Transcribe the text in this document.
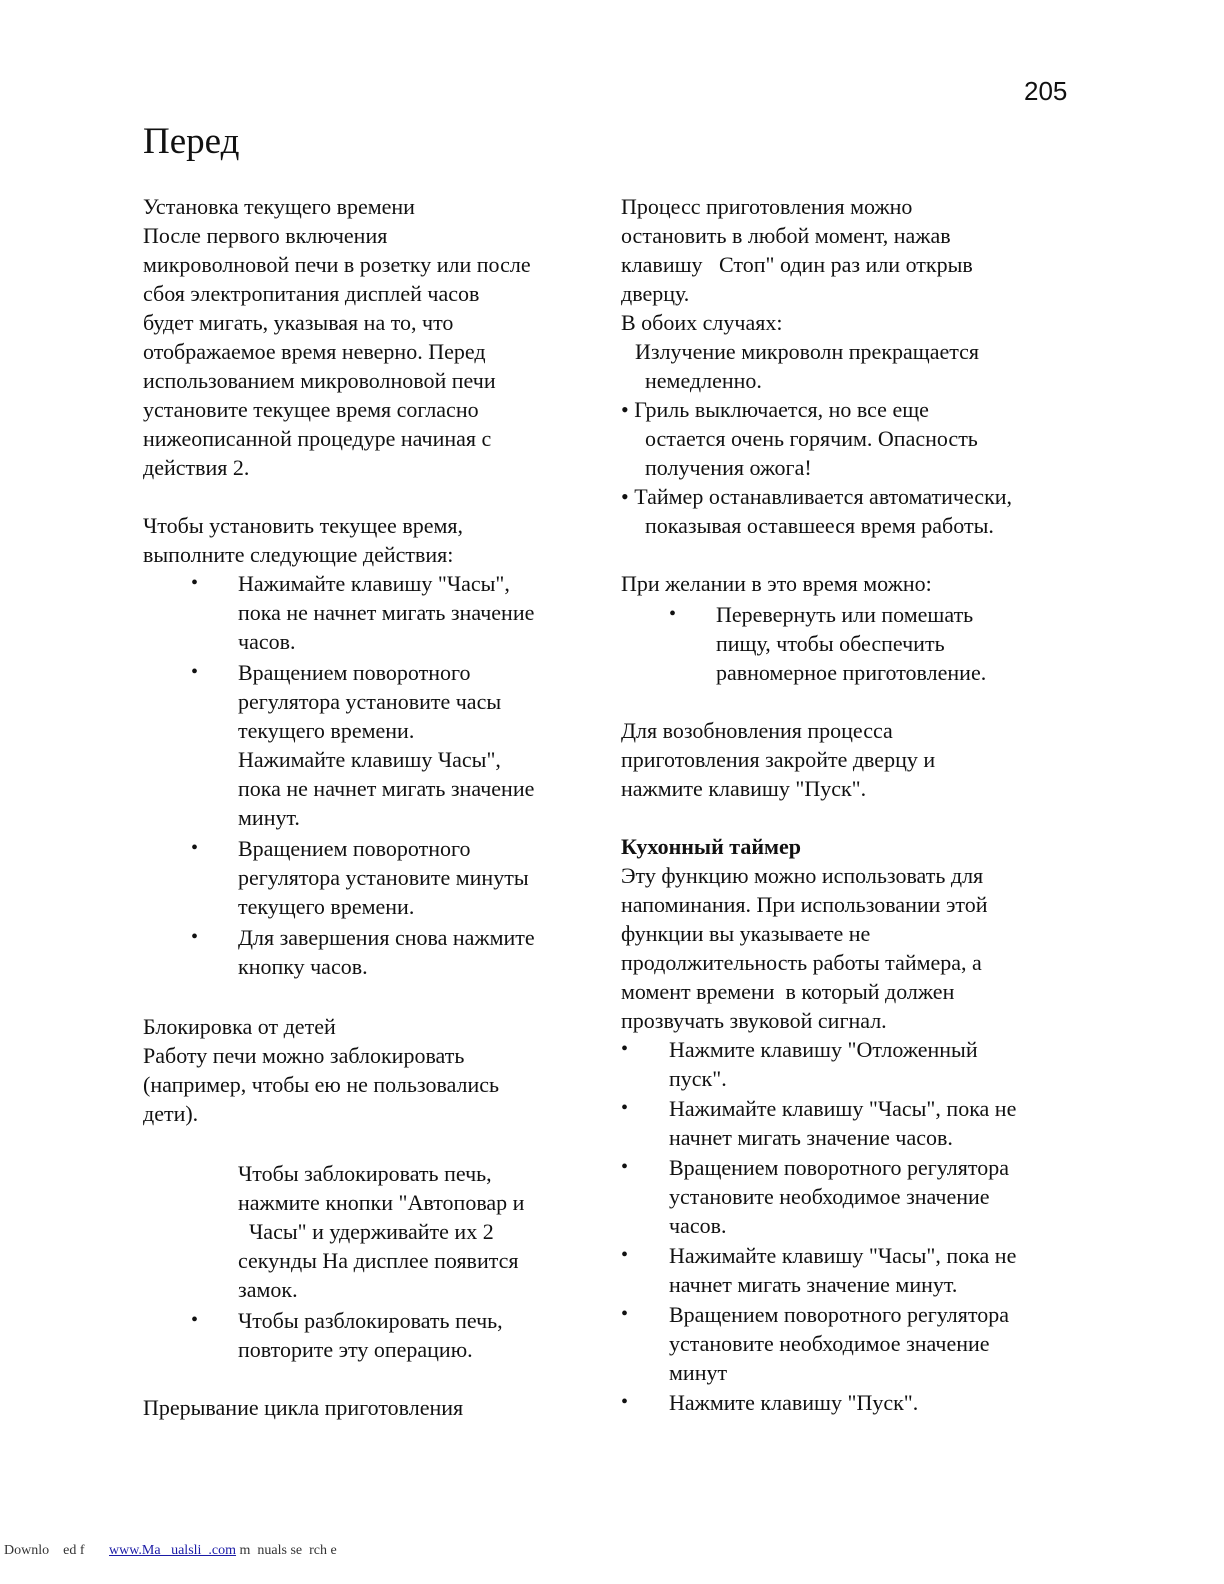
205
Перед
Установка текущего времени
После первого включения
микроволновой печи в розетку или после
сбоя электропитания дисплей часов
будет мигать, указывая на то, что
отображаемое время неверно. Перед
использованием микроволновой печи
установите текущее время согласно
нижеописанной процедуре начиная с
действия 2.
Чтобы установить текущее время,
выполните следующие действия:
• Нажимайте клавишу "Часы",
пока не начнет мигать значение
часов.
• Вращением поворотного
регулятора установите часы
текущего времени.
Нажимайте клавишу Часы",
пока не начнет мигать значение
минут.
• Вращением поворотного
регулятора установите минуты
текущего времени.
• Для завершения снова нажмите
кнопку часов.
Блокировка от детей
Работу печи можно заблокировать
(например, чтобы ею не пользовались
дети).
Чтобы заблокировать печь,
нажмите кнопки "Автоповар и
Часы" и удерживайте их 2
секунды На дисплее появится
замок.
• Чтобы разблокировать печь,
повторите эту операцию.
Прерывание цикла приготовления
Процесс приготовления можно
остановить в любой момент, нажав
клавишу   Стоп" один раз или открыв
дверцу.
В обоих случаях:
Излучение микроволн прекращается
немедленно.
• Гриль выключается, но все еще
остается очень горячим. Опасность
получения ожога!
• Таймер останавливается автоматически,
показывая оставшееся время работы.
При желании в это время можно:
• Перевернуть или помешать
пищу, чтобы обеспечить
равномерное приготовление.
Для возобновления процесса
приготовления закройте дверцу и
нажмите клавишу "Пуск".
Кухонный таймер
Эту функцию можно использовать для
напоминания. При использовании этой
функции вы указываете не
продолжительность работы таймера, а
момент времени  в который должен
прозвучать звуковой сигнал.
• Нажмите клавишу "Отложенный
пуск".
• Нажимайте клавишу "Часы", пока не
начнет мигать значение часов.
• Вращением поворотного регулятора
установите необходимое значение
часов.
• Нажимайте клавишу "Часы", пока не
начнет мигать значение минут.
• Вращением поворотного регулятора
установите необходимое значение
минут
• Нажмите клавишу "Пуск".
Downlo    ed f www.Ma   ualsli  .com m  nuals se  rch e
